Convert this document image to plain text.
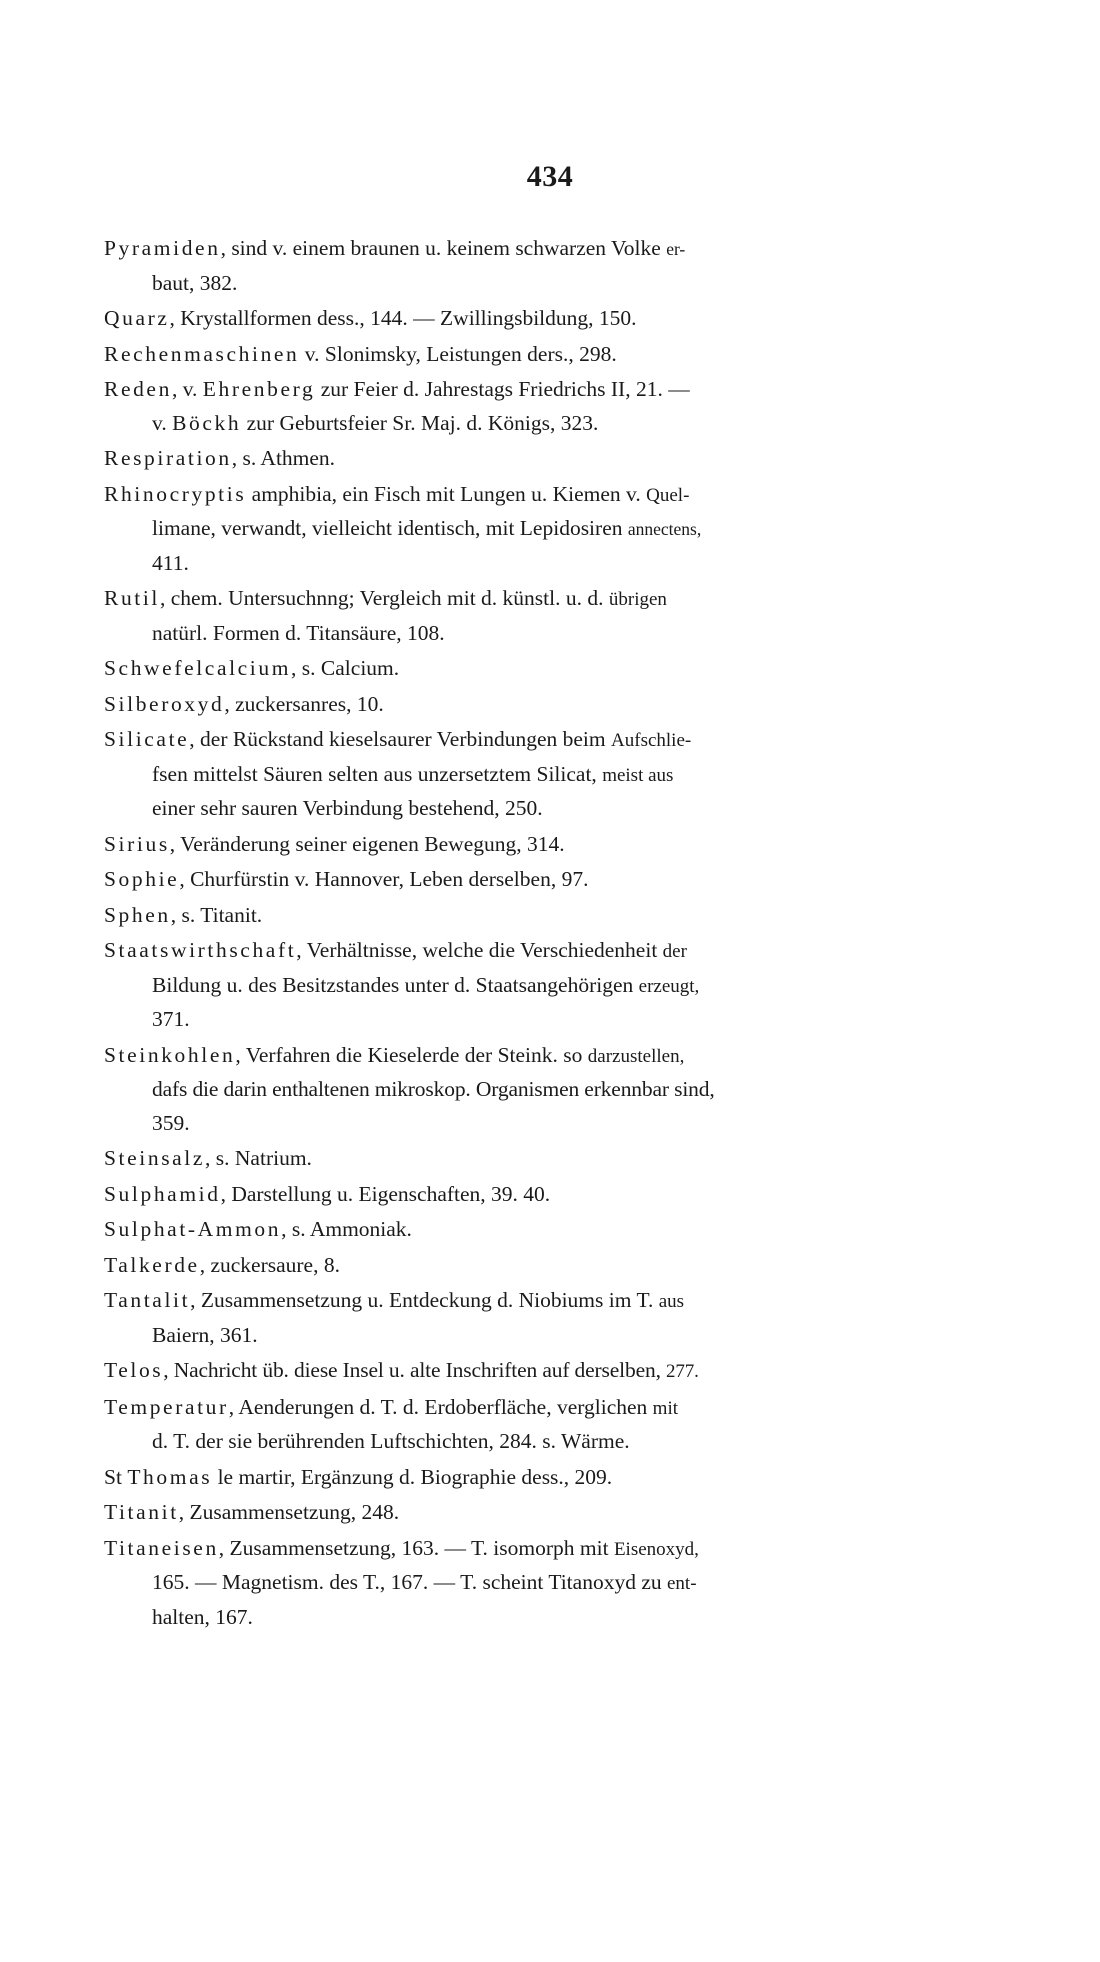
434

Pyramiden, sind v. einem braunen u. keinem schwarzen Volke er-
baut, 382.

Quarz, Krystallformen dess., 144. — Zwillingsbildung, 150.

Rechenmaschinen v. Slonimsky, Leistungen ders., 298.

Reden, v. Ehrenberg zur Feier d. Jahrestags Friedrichs II, 21. —
v. Böckh zur Geburtsfeier Sr. Maj. d. Königs, 323.

Respiration, s. Athmen.

Rhinocryptis amphibia, ein Fisch mit Lungen u. Kiemen v. Quel-
limane, verwandt, vielleicht identisch, mit Lepidosiren annectens,
411.

Rutil, chem. Untersuchnng; Vergleich mit d. künstl. u. d. übrigen
natürl. Formen d. Titansäure, 108.

Schwefelcalcium, s. Calcium.

Silberoxyd, zuckersanres, 10.

Silicate, der Rückstand kieselsaurer Verbindungen beim Aufschlie-
fsen mittelst Säuren selten aus unzersetztem Silicat, meist aus
einer sehr sauren Verbindung bestehend, 250.

Sirius, Veränderung seiner eigenen Bewegung, 314.

Sophie, Churfürstin v. Hannover, Leben derselben, 97.

Sphen, s. Titanit.

Staatswirthschaft, Verhältnisse, welche die Verschiedenheit der
Bildung u. des Besitzstandes unter d. Staatsangehörigen erzeugt,
371.

Steinkohlen, Verfahren die Kieselerde der Steink. so darzustellen,
dafs die darin enthaltenen mikroskop. Organismen erkennbar sind,
359.

Steinsalz, s. Natrium.

Sulphamid, Darstellung u. Eigenschaften, 39. 40.

Sulphat-Ammon, s. Ammoniak.

Talkerde, zuckersaure, 8.

Tantalit, Zusammensetzung u. Entdeckung d. Niobiums im T. aus
Baiern, 361.

Telos, Nachricht üb. diese Insel u. alte Inschriften auf derselben, 277.

Temperatur, Aenderungen d. T. d. Erdoberfläche, verglichen mit
d. T. der sie berührenden Luftschichten, 284. s. Wärme.

St Thomas le martir, Ergänzung d. Biographie dess., 209.

Titanit, Zusammensetzung, 248.

Titaneisen, Zusammensetzung, 163. — T. isomorph mit Eisenoxyd,
165. — Magnetism. des T., 167. — T. scheint Titanoxyd zu ent-
halten, 167.
